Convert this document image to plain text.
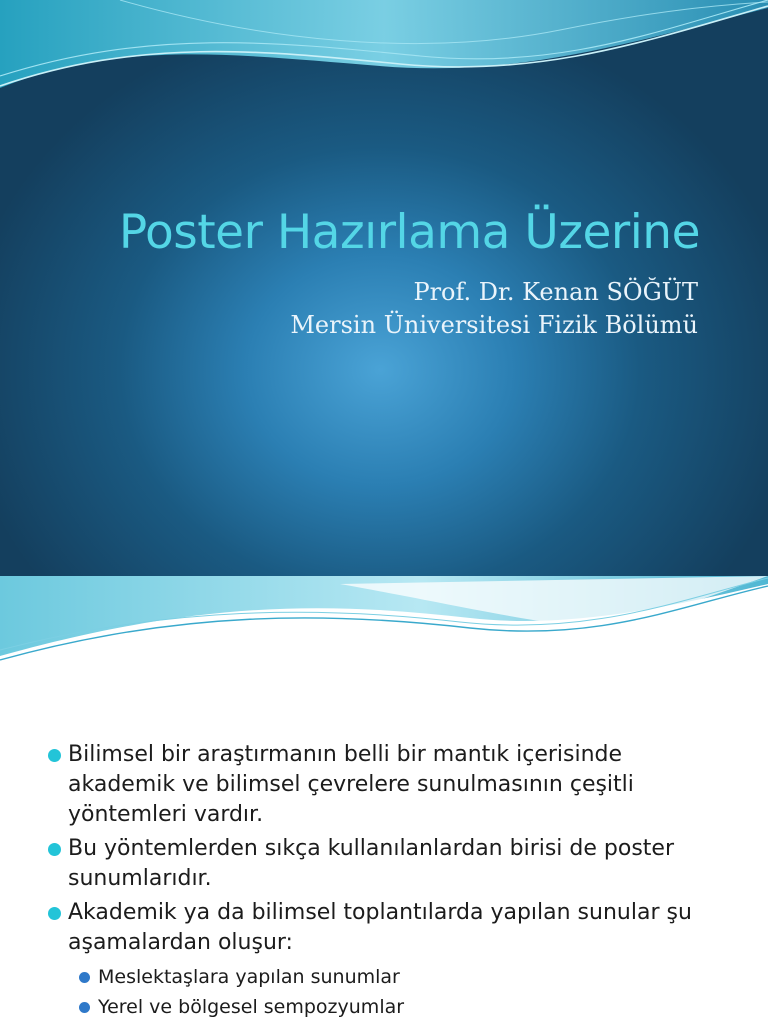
Poster Hazırlama Üzerine
Prof. Dr. Kenan SÖĞÜT
Mersin Üniversitesi Fizik Bölümü
Bilimsel bir araştırmanın belli bir mantık içerisinde akademik ve bilimsel çevrelere sunulmasının çeşitli yöntemleri vardır.
Bu yöntemlerden sıkça kullanılanlardan birisi de poster sunumlarıdır.
Akademik ya da bilimsel toplantılarda yapılan sunular şu aşamalardan oluşur:
Meslektaşlara yapılan sunumlar
Yerel ve bölgesel sempozyumlar
